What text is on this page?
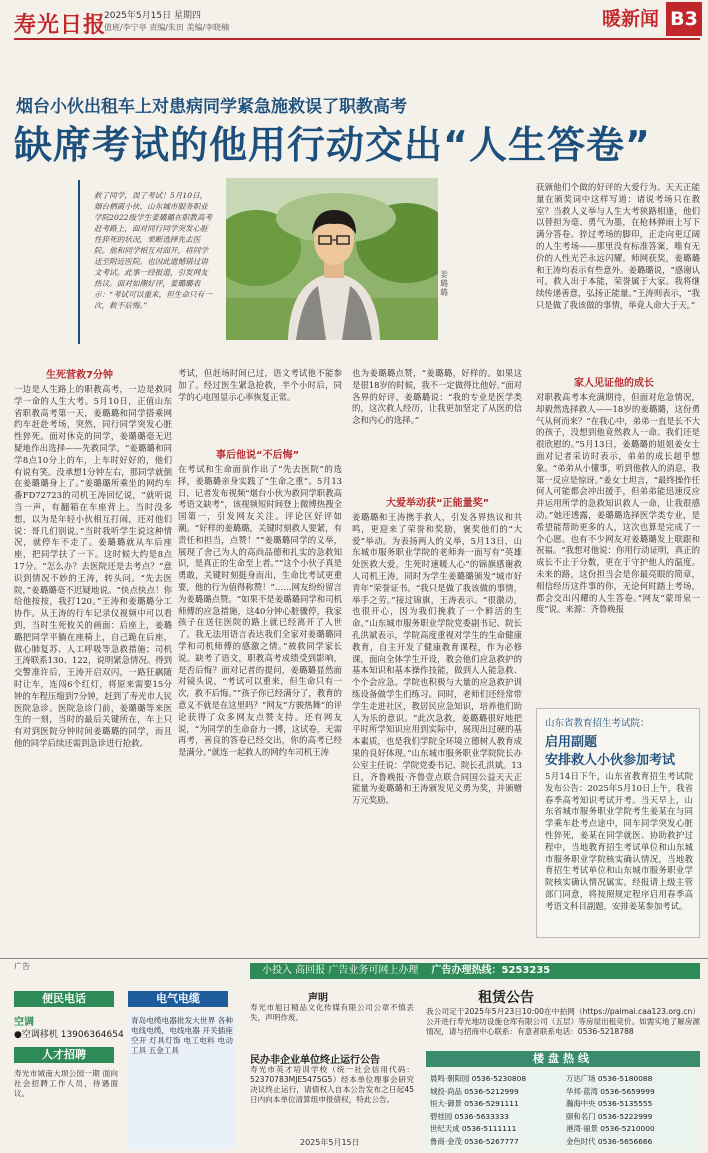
寿光日报
2025年5月15日 星期四
值班/李宁亭 责编/朱田 美编/李晓楠	暖新闻 B3
烟台小伙出租车上对患病同学紧急施救误了职教高考
缺席考试的他用行动交出“人生答卷”
救了同学，误了考试！5月10日，烟台栖霞小伙、山东城市服务职业学院2022级学生姜璐璐在职教高考赶考路上，面对同行同学突发心脏性猝死的状况，果断选择先去医院。他和同学相互对面开，将同学送至附近医院。也因此遗憾错过语文考试。此事一经报道，引发网友热议。面对如潮好评，姜璐璐表示：“考试可以重来，但生命只有一次，救不后悔。”
姜璐璐
生死营救7分钟
一边是人生路上的职教高考，一边是救同学一命的人生大考。5月10日，正值山东省职教高考第一天，姜璐璐和同学搭乘网约车赶赴考场，突然，同行同学突发心脏性猝死。面对休克的同学，姜璐璐毫无迟疑地作出选择——先救同学。“姜璐璐和同学8点10分上的车，上车时好好的，他们有说有笑。没承想1分钟左右，那同学就倒在姜璐璐身上了。”姜璐璐所乘坐的网约车番FD72723的司机王涛回忆说，“就听说当一声，有翻箱在车座背上。当时没多想，以为是年轻小伙相互打闹，还对他们说：哥几们别说。”当时我听学生说这种情况，就停车不走了。姜璐璐就从车后座座，把同学扶了一下。这时候大约是8点17分。“怎么办？去医院还是去考点？”意识到情况不妙的王涛，转头问。“先去医院，”姜璐璐毫不迟疑地说。“快点快点！你给他按按，我打120。”王涛和姜璐璐分工协作。从王涛的行车记录仪视频中可以看到，当时生死攸关的画面：后座上，姜璐璐把同学平躺在座椅上，自己跪在后座，做心肺复苏、人工呼吸等急救措施；司机王涛联系130、122，说明紧急情况。得到交警准许后，王涛开启双闪，一路狂飙随时让车，连闯6个红灯，将原来需要15分钟的车程压缩到7分钟，赶到了寿光市人民医院急诊。医院急诊门前，姜璐璐等来医生的一刻，当时的最后关键所在，车上只有对到医院分钟时间姜璐璐的同学，而且他的同学后续还需到急诊进行抢救。
考试，但赶场时间已过，语文考试他不能参加了。经过医生紧急抢救，半个小时后，同学的心电图显示心率恢复正常。
事后他说“不后悔”
在考试和生命面前作出了“先去医院”的选择，姜璐璐亲身实践了“生命之重”。5月13日，记者发布视频“烟台小伙为救同学职教高考语文缺考”，该视频短时间登上微博热搜全国第一，引发网友关注。评论区好评如潮。“好样的姜璐璐，关键时刻救人要紧，有责任和担当，点赞！”“姜璐璐同学的义举，展现了舍己为人的高尚品德和扎实的急救知识，是真正的生命至上者。”“这个小伙子真是勇敢，关键时刻挺身而出，生命比考试更重要，他的行为值得称赞！”……网友纷纷留言为姜璐璐点赞。“如果不是姜璐璐同学和司机师傅的应急措施，这40分钟心脏骤停，我家孩子在送往医院的路上就已经离开了人世了。我无法用语言表达我们全家对姜璐璐同学和司机师傅的感激之情。”被救同学家长说。缺考了语文，职教高考成绩受到影响，是否后悔？面对记者的提问，姜璐璐显然面对镜头说，“考试可以重来，但生命只有一次，救不后悔。”“孩子你已经满分了，教育的意义不就是在这里吗？”网友“方骏热舞”的评论获得了众多网友点赞支持。还有网友说，“为同学的生命奋力一搏，这试卷，无需再考，善良的答卷已经交出，你的高考已经是满分。”就连一起救人的网约车司机王涛
也为姜璐璐点赞，“姜璐璐，好样的。如果这是很18岁的时候，我不一定做得比他好。”面对各界的好评，姜璐璐说：“我的专业是医学类的，这次救人经历，让我更加坚定了从医的信念和内心的选择。”
大爱举动获“正能量奖”
姜璐璐和王涛携手救人，引发各界热议和共鸣，更迎来了荣誉和奖励，褒奖他们的“大爱”举动。为表扬两人的义举，5月13日，山东城市服务职业学院的老师奔一面写有“英雄处医救大爱，生死时速暖人心”的锦旗感谢救人司机王涛，同时为学生姜璐璐颁发“城市好青年”荣誉证书。“我只是做了我该做的事情，举手之劳。”接过锦旗，王涛表示。“很激动，也很开心，因为我们挽救了一个鲜活的生命。”山东城市服务职业学院党委副书记、院长孔洪斌表示，学院高度重视对学生的生命健康教育，自主开发了健康教育课程，作为必修课，面向全体学生开设，教会他们应急救护的基本知识和基本操作技能，做到人人能急救、个个会应急。学院也积极与大量的应急救护训练设备做学生们练习。同时，老师们还经常带学生走进社区，教居民应急知识，培养他们助人为乐的意识。“此次急救，姜璐璐很好地把平时所学知识应用到实际中，展现出过硬的基本素质，也是我们学院全环境立德树人教育成果的良好体现。”山东城市服务职业学院院长办公室主任说：学院党委书记、院长孔洪斌。13日，齐鲁晚报·齐鲁壹点联合同国公益天天正能量为姜璐璐和王涛颁发见义勇为奖，并颁赠万元奖励。
获颁他们个做的好评的大爱行为。天天正能量在颁奖词中这样写道：诸说考场只在教室？当救人义举与人生大考狭路相逢，他们以替担为毫、勇气为墨，在枪林弹雨上写下满分答卷。猝过考场的脚印，正走向更辽阔的人生考场——那里没有标准答案，唯有无价的人性光芒永远闪耀。师网获奖，姜璐璐和王涛均表示有些意外。姜璐璐说，“感谢认可，救人出于本能，荣誉属于大家。我将继续传递善意，弘扬正能量。”王涛则表示，“我只是做了我该做的事情，举竟人命大于天。”
家人见证他的成长
对职教高考本充满期待，但面对危急情况，却毅然选择救人——18岁的姜璐璐，这份勇气从何而来？“在我心中，弟弟一直是长不大的孩子，没想到他竟然救人一命。我们还是很欣慰的。”5月13日，姜璐璐的姐姐姜女士面对记者采访时表示，弟弟的成长超乎想象。“弟弟从小懂事，听到他救人的消息，我第一反应是惊讶。”姜女士坦言，“最终操作任何人可能都会冲出援手，但弟弟能迅速反应并运用所学的急救知识救人一命，让我很感动。”她还透露，姜璐璐选择医学类专业，是希望能帮助更多的人，这次也算是完成了一个心愿。也有不少网友对姜璐璐发上联跟和祝福。“我想对他说：你用行动证明，真正的成长不止于分数，更在于守护他人的温度。未来的路，这份担当会是你最亮眼的简章，相信经历这件事的你，无论何时踏上考场，都会交出闪耀的人生答卷。”网友“蒙哥泉一度”说。来源：齐鲁晚报
山东省教育招生考试院：
启用副题
安排救人小伙参加考试
5月14日下午，山东省教育招生考试院发布公告：2025年5月10日上午，我省春季高考知识考试开考。当天早上，山东省城市服务职业学院考生姜某在与同学乘车赴考点途中，同车同学突发心脏性猝死，姜某在同学就医、协助救护过程中，当地教育招生考试单位和山东城市服务职业学院核实确认情况，当地教育招生考试单位和山东城市服务职业学院核实确认情况属实。经报请上级主管部门同意，将按照规定程序启用春季高考语文科目副题，安排姜某参加考试。
广告	小投入 高回报 广告业务可网上办理 广告办理热线：5253235
便民电话
空调
●空调移机 13906364654
人才招聘
寿光市城南大坝公园一期 面向社会招聘工作人员，待遇面议。
电气电缆
青岛电缆电器批发大世界 各种电线电缆，电线电器 开关插座 空开 灯具灯饰 电工电料 电动工具 五金工具
声明
寿光市旭日精品文化传媒有限公司公章不慎丢失，声明作废。
民办非企业单位终止运行公告
寿光市英才培训学校（统一社会信用代码：52370783MJE5475G5）经本单位理事会研究决议终止运行，请债权人自本公告发布之日起45日内向本单位清算组申报债权，特此公告。
2025年5月15日
租赁公告
我公司定于2025年5月23日10:00在中拍网（https://paimai.caa123.org.cn）公开进行寿光地坊设施仓库有限公司（五层）等房屋出租竞价。如需实地了解房源情况，请与招商中心联系：有意者联系电话：0536-5218788
楼盘热线
晨鸣·朝阳园 0536-5230808
城投·尚品 0536-5212999
恒大·御景 0536-5291111
碧桂园 0536-5633333
世纪天成 0536-5111111
鲁商·金茂 0536-5267777
万达广场 0536-5180088
华邦·蓝湾 0536-5659999
瀚海中央 0536-5135555
颐和名门 0536-5222999
港湾·丽景 0536-5210000
金色时代 0536-5656666
